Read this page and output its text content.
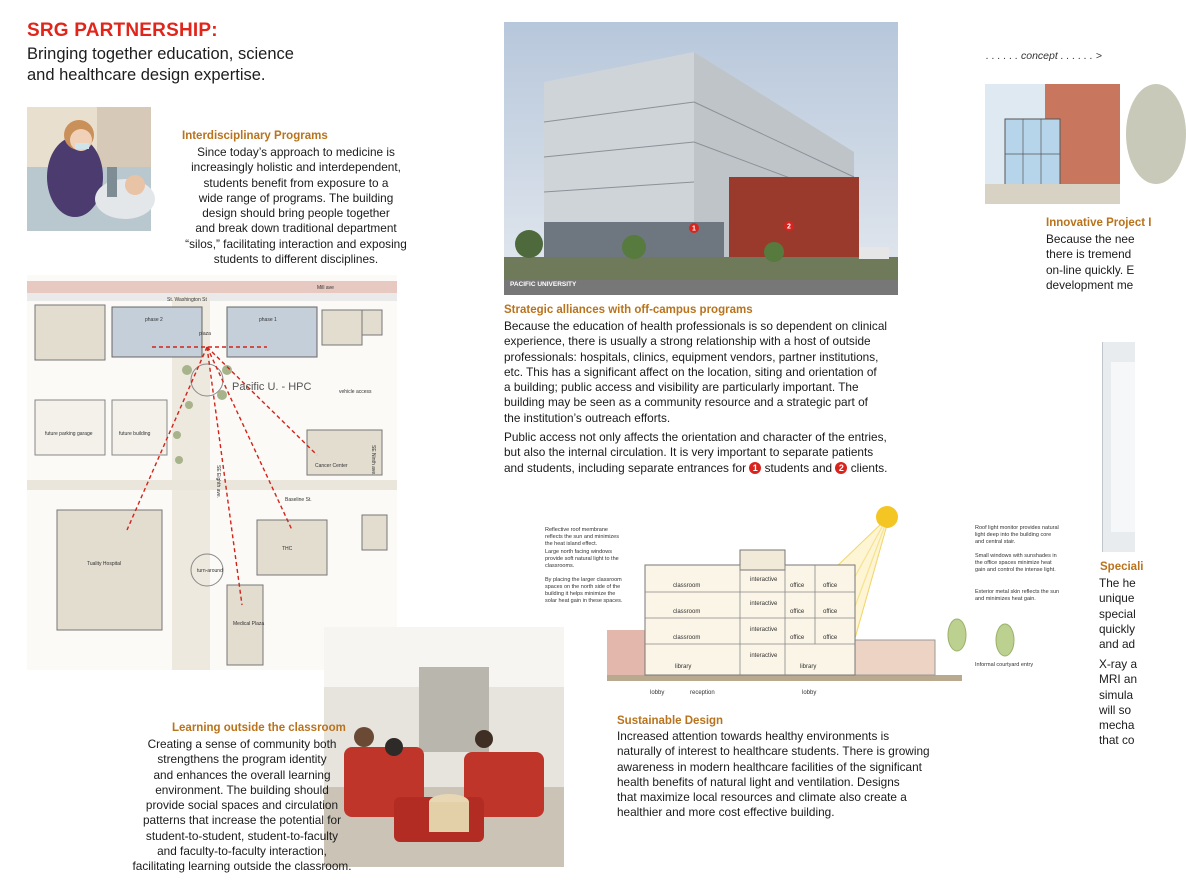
SRG PARTNERSHIP:
Bringing together education, science
and healthcare design expertise.
Interdisciplinary Programs
Since today’s approach to medicine is
increasingly holistic and interdependent,
students benefit from exposure to a
wide range of programs. The building
design should bring people together
and break down traditional department
“silos,” facilitating interaction and exposing
students to different disciplines.
St. Washington St
Mill ave
phase 2	phase 1
plaza
Pacific U. - HPC	vehicle access
future parking garage	future building
Cancer Center
Baseline St.
Tuality Hospital
THC
turn-around
Medical Plaza
SE Eighth ave.
SE Ninth ave.
Learning outside the classroom
Creating a sense of community both
strengthens the program identity
and enhances the overall learning
environment. The building should
provide social spaces and circulation
patterns that increase the potential for
student-to-student, student-to-faculty
and faculty-to-faculty interaction,
facilitating learning outside the classroom.
1	2
PACIFIC UNIVERSITY
Strategic alliances with off-campus programs
Because the education of health professionals is so dependent on clinical
experience, there is usually a strong relationship with a host of outside
professionals: hospitals, clinics, equipment vendors, partner institutions,
etc. This has a significant affect on the location, siting and orientation of
a building; public access and visibility are particularly important. The
building may be seen as a community resource and a strategic part of
the institution’s outreach efforts.
Public access not only affects the orientation and character of the entries,
but also the internal circulation. It is very important to separate patients
and students, including separate entrances for 1 students and 2 clients.
classroom
classroom
classroom
interactive
interactive
interactive
interactive
office	office
office	office
office	office
library	library
lobby	reception	lobby
Reflective roof membrane reflects the sun and minimizes the heat island effect.
Large north facing windows provide soft natural light to the classrooms.
By placing the larger classroom spaces on the north side of the building it helps minimize the solar heat gain in these spaces.
Roof light monitor provides natural light deep into the building core and central stair.
Small windows with sunshades in the office spaces minimize heat gain and control the intense light.
Exterior metal skin reflects the sun and minimizes heat gain.
Informal courtyard entry
Sustainable Design
Increased attention towards healthy environments is
naturally of interest to healthcare students. There is growing
awareness in modern healthcare facilities of the significant
health benefits of natural light and ventilation. Designs
that maximize local resources and climate also create a
healthier and more cost effective building.
. . . . . . concept . . . . . . >
Innovative Project I
Because the nee
there is tremend
on-line quickly. E
development me
Speciali
The he
unique
special
quickly
and ad
X-ray a
MRI an
simula
will so
mecha
that co
